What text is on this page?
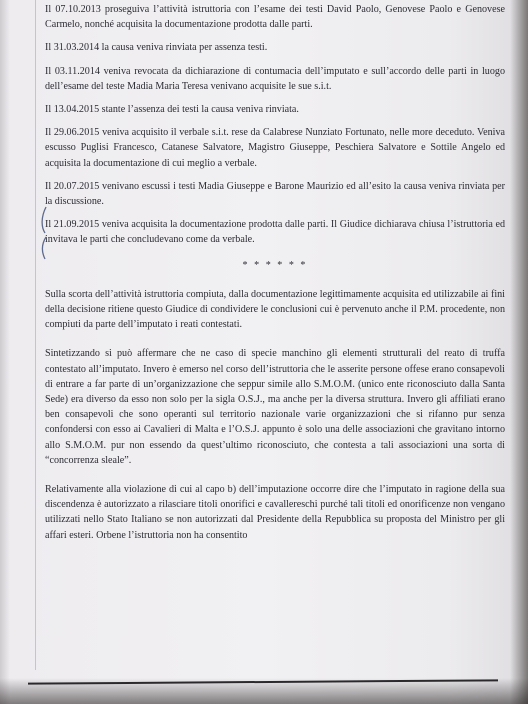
Il 07.10.2013 proseguiva l’attività istruttoria con l’esame dei testi David Paolo, Genovese Paolo e Genovese Carmelo, nonché acquisita la documentazione prodotta dalle parti.

Il 31.03.2014 la causa veniva rinviata per assenza testi.

Il 03.11.2014 veniva revocata da dichiarazione di contumacia dell’imputato e sull’accordo delle parti in luogo dell’esame del teste Madia Maria Teresa venivano acquisite le sue s.i.t.

Il 13.04.2015 stante l’assenza dei testi la causa veniva rinviata.

Il 29.06.2015 veniva acquisito il verbale s.i.t. rese da Calabrese Nunziato Fortunato, nelle more deceduto. Veniva escusso Puglisi Francesco, Catanese Salvatore, Magistro Giuseppe, Peschiera Salvatore e Sottile Angelo ed acquisita la documentazione di cui meglio a verbale.

Il 20.07.2015 venivano escussi i testi Madia Giuseppe e Barone Maurizio ed all’esito la causa veniva rinviata per la discussione.

Il 21.09.2015 veniva acquisita la documentazione prodotta dalle parti. Il Giudice dichiarava chiusa l’istruttoria ed invitava le parti che concludevano come da verbale.

* * * * * *

Sulla scorta dell’attività istruttoria compiuta, dalla documentazione legittimamente acquisita ed utilizzabile ai fini della decisione ritiene questo Giudice di condividere le conclusioni cui è pervenuto anche il P.M. procedente, non compiuti da parte dell’imputato i reati contestati.

Sintetizzando si può affermare che ne caso di specie manchino gli elementi strutturali del reato di truffa contestato all’imputato. Invero è emerso nel corso dell’istruttoria che le asserite persone offese erano consapevoli di entrare a far parte di un’organizzazione che seppur simile allo S.M.O.M. (unico ente riconosciuto dalla Santa Sede) era diverso da esso non solo per la sigla O.S.J., ma anche per la diversa struttura. Invero gli affiliati erano ben consapevoli che sono operanti sul territorio nazionale varie organizzazioni che si rifanno pur senza confondersi con esso ai Cavalieri di Malta e l’O.S.J. appunto è solo una delle associazioni che gravitano intorno allo S.M.O.M. pur non essendo da quest’ultimo riconosciuto, che contesta a tali associazioni una sorta di “concorrenza sleale”.

Relativamente alla violazione di cui al capo b) dell’imputazione occorre dire che l’imputato in ragione della sua discendenza è autorizzato a rilasciare titoli onorifici e cavallereschi purché tali titoli ed onorificenze non vengano utilizzati nello Stato Italiano se non autorizzati dal Presidente della Repubblica su proposta del Ministro per gli affari esteri. Orbene l’istruttoria non ha consentito
